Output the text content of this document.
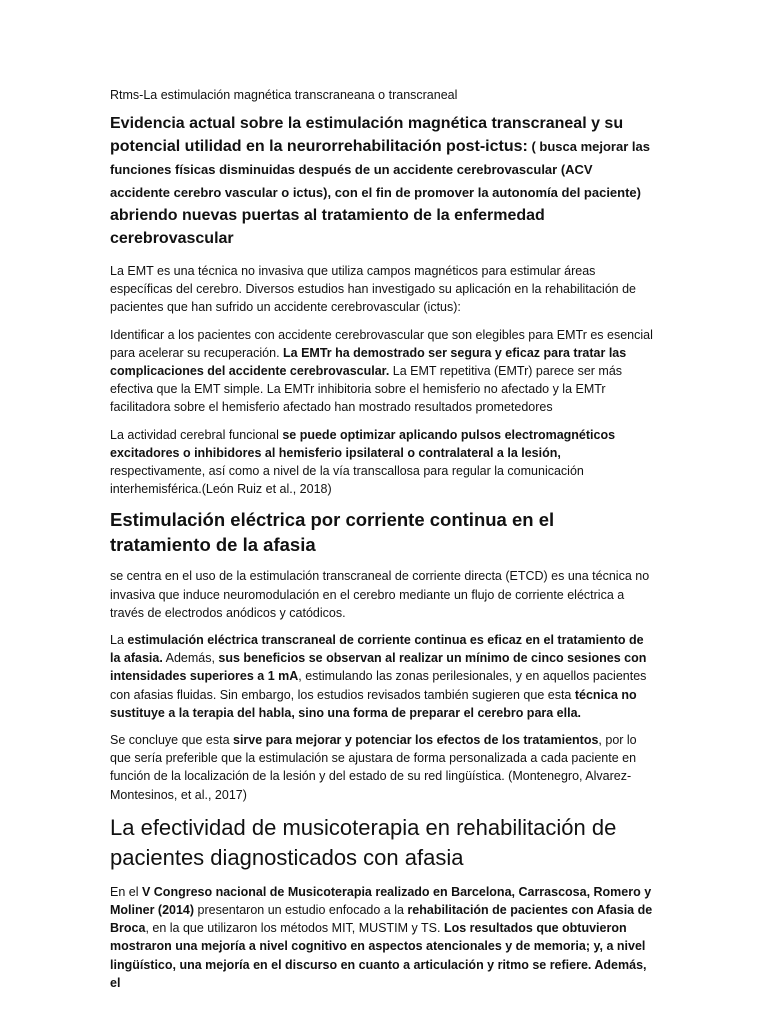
Rtms-La estimulación magnética transcraneana o transcraneal
Evidencia actual sobre la estimulación magnética transcraneal y su potencial utilidad en la neurorrehabilitación post-ictus: ( busca mejorar las funciones físicas disminuidas después de un accidente cerebrovascular (ACV accidente cerebro vascular o ictus), con el fin de promover la autonomía del paciente) abriendo nuevas puertas al tratamiento de la enfermedad cerebrovascular

La EMT es una técnica no invasiva que utiliza campos magnéticos para estimular áreas específicas del cerebro. Diversos estudios han investigado su aplicación en la rehabilitación de pacientes que han sufrido un accidente cerebrovascular (ictus):

Identificar a los pacientes con accidente cerebrovascular que son elegibles para EMTr es esencial para acelerar su recuperación. La EMTr ha demostrado ser segura y eficaz para tratar las complicaciones del accidente cerebrovascular. La EMT repetitiva (EMTr) parece ser más efectiva que la EMT simple. La EMTr inhibitoria sobre el hemisferio no afectado y la EMTr facilitadora sobre el hemisferio afectado han mostrado resultados prometedores

La actividad cerebral funcional se puede optimizar aplicando pulsos electromagnéticos excitadores o inhibidores al hemisferio ipsilateral o contralateral a la lesión, respectivamente, así como a nivel de la vía transcallosa para regular la comunicación interhemisférica.(León Ruiz et al., 2018)

Estimulación eléctrica por corriente continua en el tratamiento de la afasia

se centra en el uso de la estimulación transcraneal de corriente directa (ETCD) es una técnica no invasiva que induce neuromodulación en el cerebro mediante un flujo de corriente eléctrica a través de electrodos anódicos y catódicos.

La estimulación eléctrica transcraneal de corriente continua es eficaz en el tratamiento de la afasia. Además, sus beneficios se observan al realizar un mínimo de cinco sesiones con intensidades superiores a 1 mA, estimulando las zonas perilesionales, y en aquellos pacientes con afasias fluidas. Sin embargo, los estudios revisados también sugieren que esta técnica no sustituye a la terapia del habla, sino una forma de preparar el cerebro para ella.

Se concluye que esta sirve para mejorar y potenciar los efectos de los tratamientos, por lo que sería preferible que la estimulación se ajustara de forma personalizada a cada paciente en función de la localización de la lesión y del estado de su red lingüística. (Montenegro, Alvarez-Montesinos, et al., 2017)

La efectividad de musicoterapia en rehabilitación de pacientes diagnosticados con afasia

En el V Congreso nacional de Musicoterapia realizado en Barcelona, Carrascosa, Romero y Moliner (2014) presentaron un estudio enfocado a la rehabilitación de pacientes con Afasia de Broca, en la que utilizaron los métodos MIT, MUSTIM y TS. Los resultados que obtuvieron mostraron una mejoría a nivel cognitivo en aspectos atencionales y de memoria; y, a nivel lingüístico, una mejoría en el discurso en cuanto a articulación y ritmo se refiere. Además, el
